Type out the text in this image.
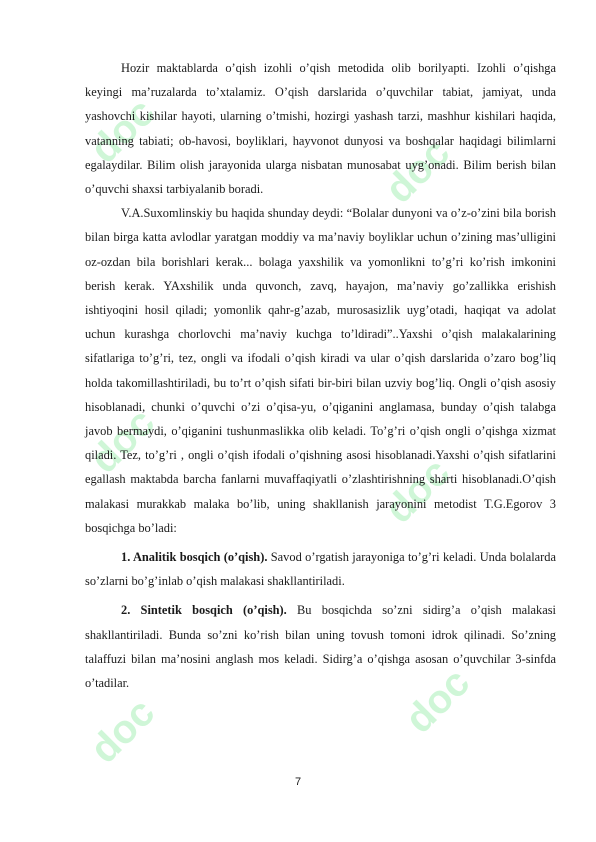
doc	doc
doc
doc
doc	doc

Hozir maktablarda o’qish izohli o’qish metodida olib borilyapti. Izohli o’qishga keyingi ma’ruzalarda to’xtalamiz. O’qish darslarida o’quvchilar tabiat, jamiyat, unda yashovchi kishilar hayoti, ularning o’tmishi, hozirgi yashash tarzi, mashhur kishilari haqida, vatanning tabiati; ob-havosi, boyliklari, hayvonot dunyosi va boshqalar haqidagi bilimlarni egalaydilar. Bilim olish jarayonida ularga nisbatan munosabat uyg’onadi. Bilim berish bilan o’quvchi shaxsi tarbiyalanib boradi.

V.A.Suxomlinskiy bu haqida shunday deydi: “Bolalar dunyoni va o’z-o’zini bila borish bilan birga katta avlodlar yaratgan moddiy va ma’naviy boyliklar uchun o’zining mas’ulligini oz-ozdan bila borishlari kerak... bolaga yaxshilik va yomonlikni to’g’ri ko’rish imkonini berish kerak. YAxshilik unda quvonch, zavq, hayajon, ma’naviy go’zallikka erishish ishtiyoqini hosil qiladi; yomonlik qahr-g’azab, murosasizlik uyg’otadi, haqiqat va adolat uchun kurashga chorlovchi ma’naviy kuchga to’ldiradi”..Yaxshi o’qish malakalarining sifatlariga to’g’ri, tez, ongli va ifodali o’qish kiradi va ular o’qish darslarida o’zaro bog’liq holda takomillashtiriladi, bu to’rt o’qish sifati bir-biri bilan uzviy bog’liq. Ongli o’qish asosiy hisoblanadi, chunki o’quvchi o’zi o’qisa-yu, o’qiganini anglamasa, bunday o’qish talabga javob bermaydi, o’qiganini tushunmaslikka olib keladi. To’g’ri o’qish ongli o’qishga xizmat qiladi. Tez, to’g’ri , ongli o’qish ifodali o’qishning asosi hisoblanadi.Yaxshi o’qish sifatlarini egallash maktabda barcha fanlarni muvaffaqiyatli o’zlashtirishning sharti hisoblanadi.O’qish malakasi murakkab malaka bo’lib, uning shakllanish jarayonini metodist T.G.Egorov 3 bosqichga bo’ladi:

1. Analitik bosqich (o’qish). Savod o’rgatish jarayoniga to’g’ri keladi. Unda bolalarda so’zlarni bo’g’inlab o’qish malakasi shakllantiriladi.

2. Sintetik bosqich (o’qish). Bu bosqichda so’zni sidirg’a o’qish malakasi shakllantiriladi. Bunda so’zni ko’rish bilan uning tovush tomoni idrok qilinadi. So’zning talaffuzi bilan ma’nosini anglash mos keladi. Sidirg’a o’qishga asosan o’quvchilar 3-sinfda o’tadilar.

7
